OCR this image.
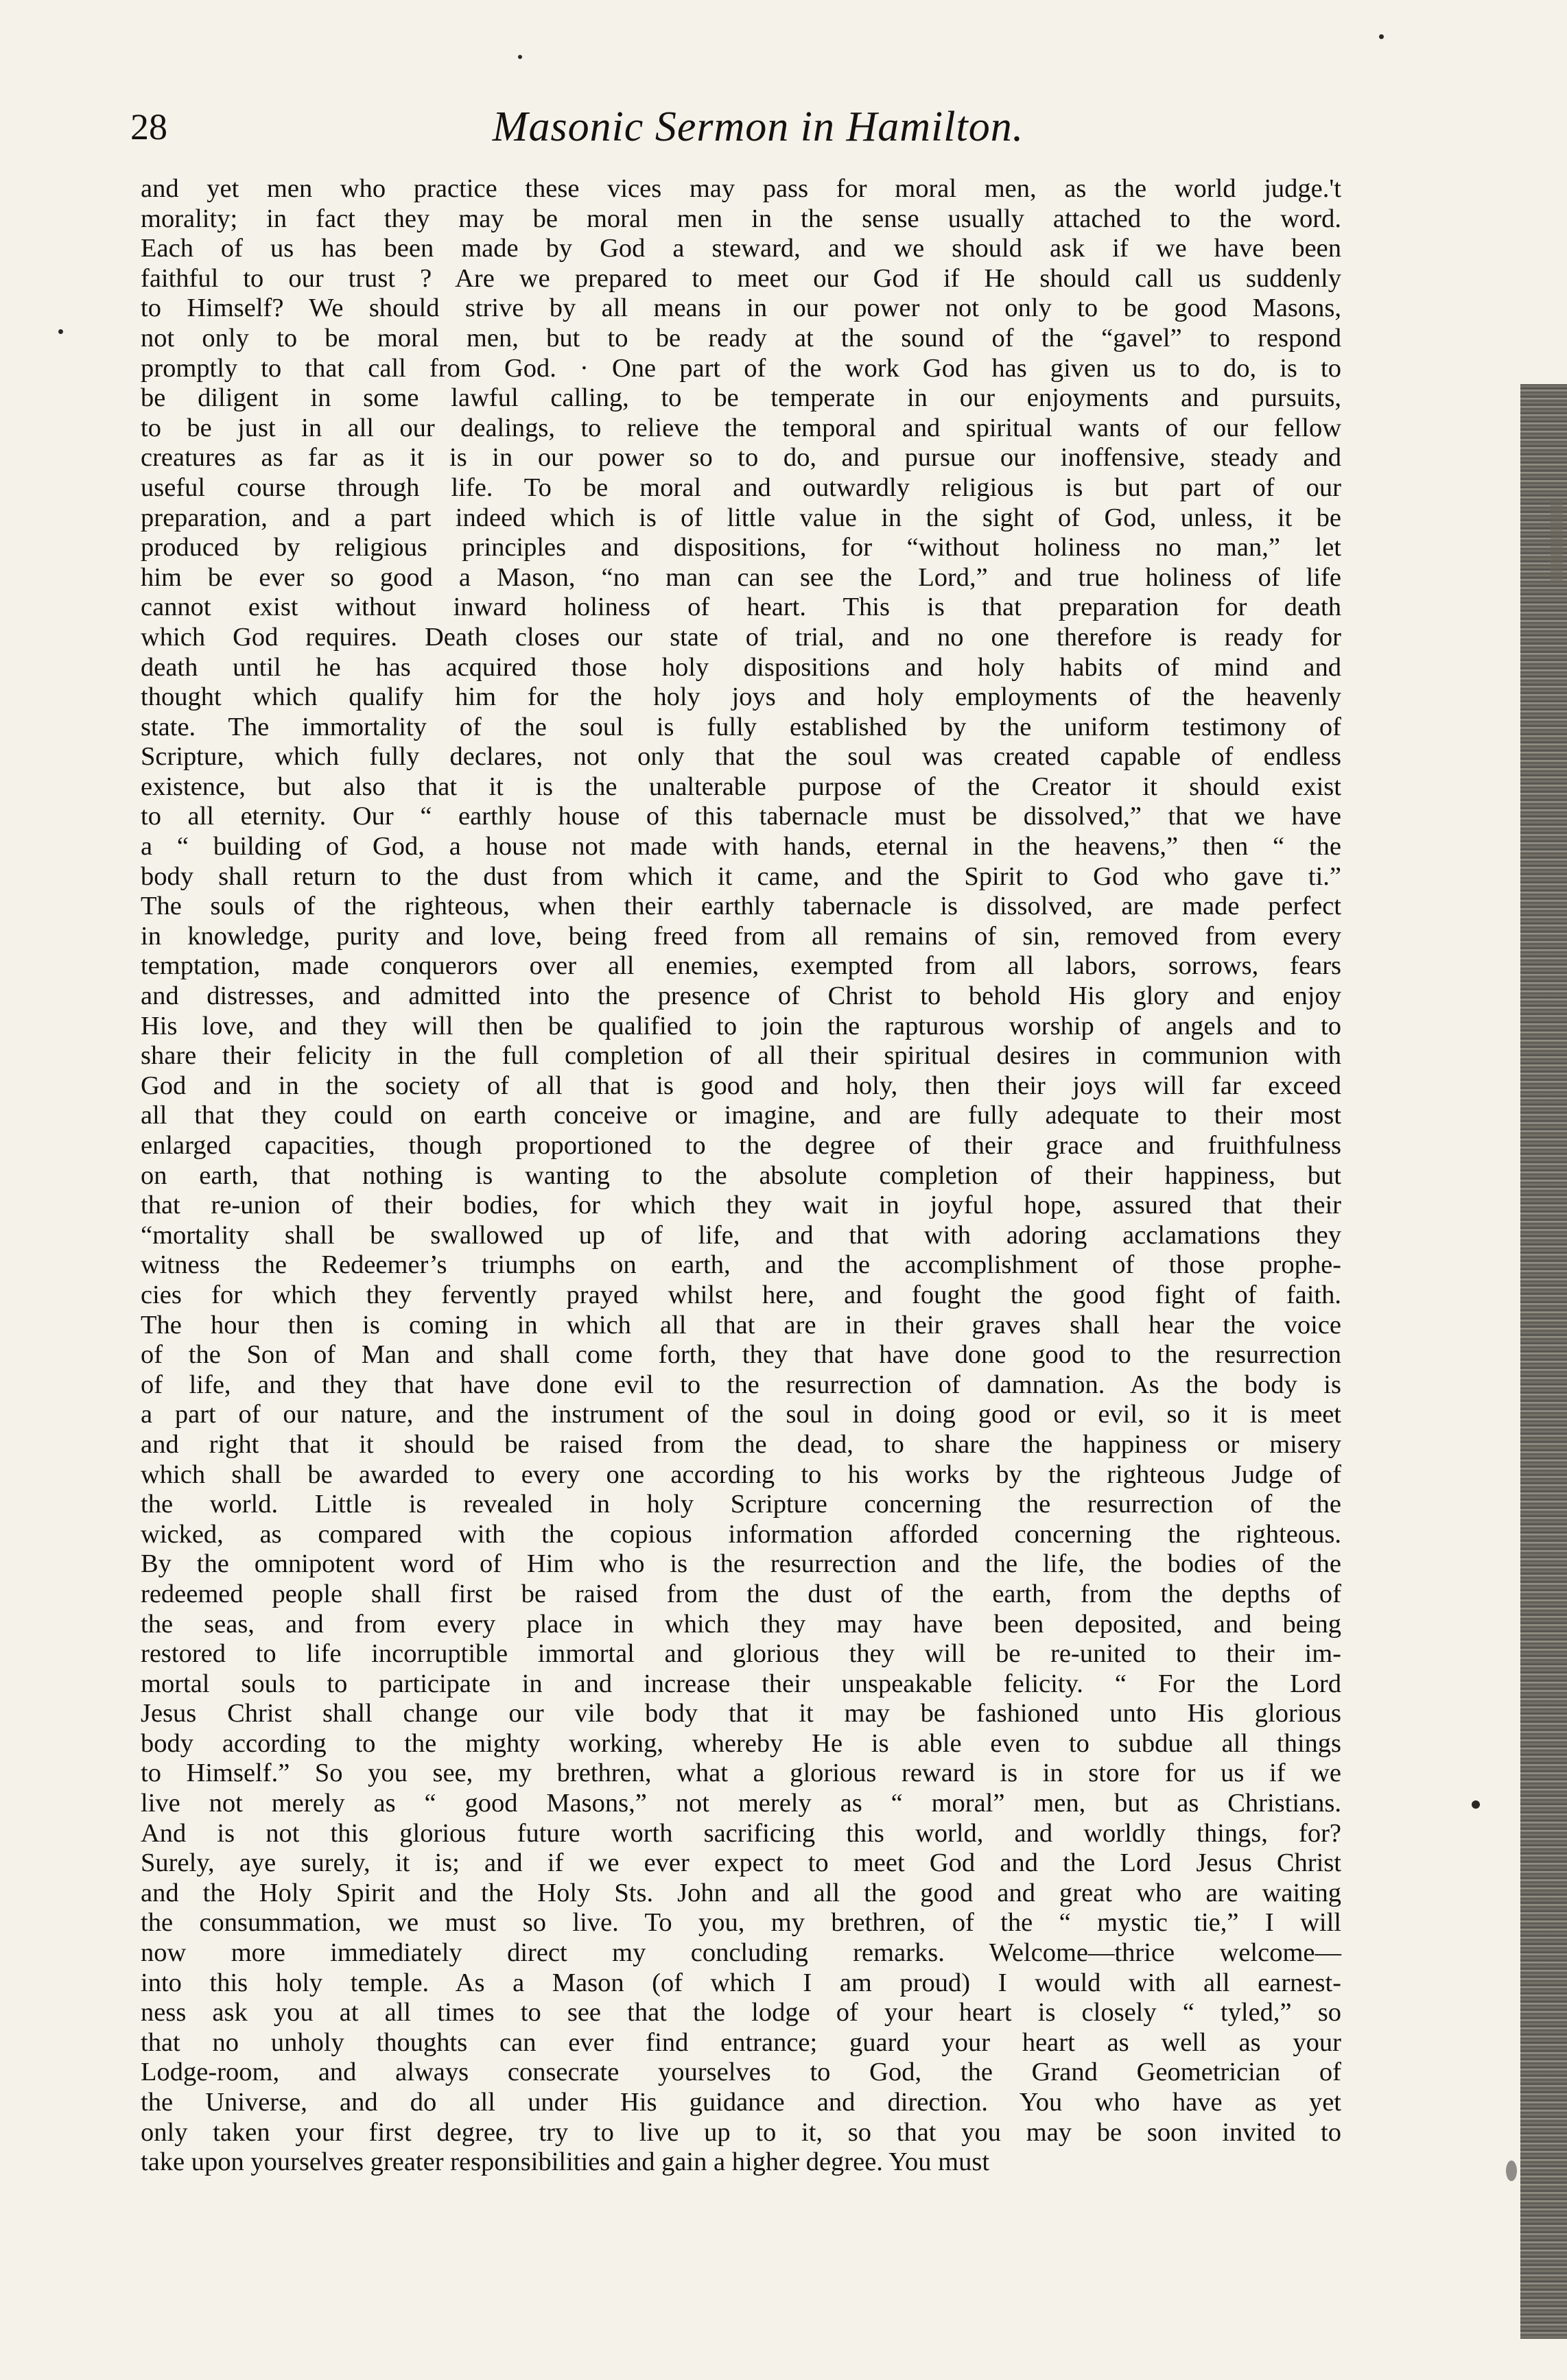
28	Masonic Sermon in Hamilton.
and yet men who practice these vices may pass for moral men, as the world judge.'t
morality; in fact they may be moral men in the sense usually attached to the word.
Each of us has been made by God a steward, and we should ask if we have been
faithful to our trust ? Are we prepared to meet our God if He should call us suddenly
to Himself? We should strive by all means in our power not only to be good Masons,
not only to be moral men, but to be ready at the sound of the “gavel” to respond
promptly to that call from God. · One part of the work God has given us to do, is to
be diligent in some lawful calling, to be temperate in our enjoyments and pursuits,
to be just in all our dealings, to relieve the temporal and spiritual wants of our fellow
creatures as far as it is in our power so to do, and pursue our inoffensive, steady and
useful course through life. To be moral and outwardly religious is but part of our
preparation, and a part indeed which is of little value in the sight of God, unless, it be
produced by religious principles and dispositions, for “without holiness no man,” let
him be ever so good a Mason, “no man can see the Lord,” and true holiness of life
cannot exist without inward holiness of heart. This is that preparation for death
which God requires. Death closes our state of trial, and no one therefore is ready for
death until he has acquired those holy dispositions and holy habits of mind and
thought which qualify him for the holy joys and holy employments of the heavenly
state. The immortality of the soul is fully established by the uniform testimony of
Scripture, which fully declares, not only that the soul was created capable of endless
existence, but also that it is the unalterable purpose of the Creator it should exist
to all eternity. Our “ earthly house of this tabernacle must be dissolved,” that we have
a “ building of God, a house not made with hands, eternal in the heavens,” then “ the
body shall return to the dust from which it came, and the Spirit to God who gave ti.”
The souls of the righteous, when their earthly tabernacle is dissolved, are made perfect
in knowledge, purity and love, being freed from all remains of sin, removed from every
temptation, made conquerors over all enemies, exempted from all labors, sorrows, fears
and distresses, and admitted into the presence of Christ to behold His glory and enjoy
His love, and they will then be qualified to join the rapturous worship of angels and to
share their felicity in the full completion of all their spiritual desires in communion with
God and in the society of all that is good and holy, then their joys will far exceed
all that they could on earth conceive or imagine, and are fully adequate to their most
enlarged capacities, though proportioned to the degree of their grace and fruithfulness
on earth, that nothing is wanting to the absolute completion of their happiness, but
that re-union of their bodies, for which they wait in joyful hope, assured that their
“mortality shall be swallowed up of life, and that with adoring acclamations they
witness the Redeemer’s triumphs on earth, and the accomplishment of those prophe-
cies for which they fervently prayed whilst here, and fought the good fight of faith.
The hour then is coming in which all that are in their graves shall hear the voice
of the Son of Man and shall come forth, they that have done good to the resurrection
of life, and they that have done evil to the resurrection of damnation. As the body is
a part of our nature, and the instrument of the soul in doing good or evil, so it is meet
and right that it should be raised from the dead, to share the happiness or misery
which shall be awarded to every one according to his works by the righteous Judge of
the world. Little is revealed in holy Scripture concerning the resurrection of the
wicked, as compared with the copious information afforded concerning the righteous.
By the omnipotent word of Him who is the resurrection and the life, the bodies of the
redeemed people shall first be raised from the dust of the earth, from the depths of
the seas, and from every place in which they may have been deposited, and being
restored to life incorruptible immortal and glorious they will be re-united to their im-
mortal souls to participate in and increase their unspeakable felicity. “ For the Lord
Jesus Christ shall change our vile body that it may be fashioned unto His glorious
body according to the mighty working, whereby He is able even to subdue all things
to Himself.” So you see, my brethren, what a glorious reward is in store for us if we
live not merely as “ good Masons,” not merely as “ moral” men, but as Christians.
And is not this glorious future worth sacrificing this world, and worldly things, for?
Surely, aye surely, it is; and if we ever expect to meet God and the Lord Jesus Christ
and the Holy Spirit and the Holy Sts. John and all the good and great who are waiting
the consummation, we must so live. To you, my brethren, of the “ mystic tie,” I will
now more immediately direct my concluding remarks. Welcome—thrice welcome—
into this holy temple. As a Mason (of which I am proud) I would with all earnest-
ness ask you at all times to see that the lodge of your heart is closely “ tyled,” so
that no unholy thoughts can ever find entrance; guard your heart as well as your
Lodge-room, and always consecrate yourselves to God, the Grand Geometrician of
the Universe, and do all under His guidance and direction. You who have as yet
only taken your first degree, try to live up to it, so that you may be soon invited to
take upon yourselves greater responsibilities and gain a higher degree. You must
